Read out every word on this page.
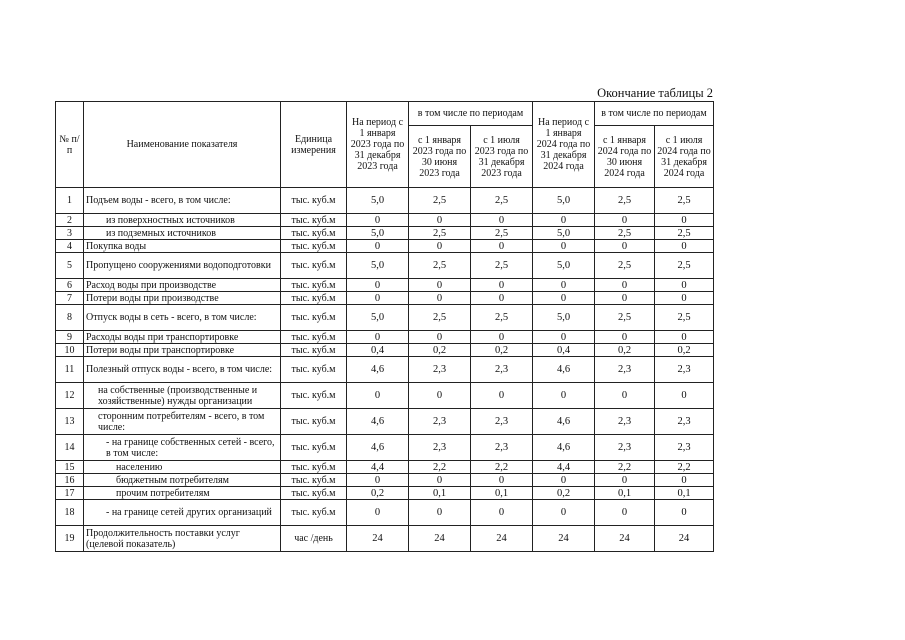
Окончание таблицы 2
№ п/п	Наименование показателя	Единица измерения	На период с 1 января 2023 года по 31 декабря 2023 года	в том числе по периодам		На период с 1 января 2024 года по 31 декабря 2024 года	в том числе по периодам	
				с 1 января 2023 года по 30 июня 2023 года	с 1 июля 2023 года по 31 декабря 2023 года		с 1 января 2024 года по 30 июня 2024 года	с 1 июля 2024 года по 31 декабря 2024 года
1	Подъем воды - всего, в том числе:	тыс. куб.м	5,0	2,5	2,5	5,0	2,5	2,5
2	из поверхностных источников	тыс. куб.м	0	0	0	0	0	0
3	из подземных источников	тыс. куб.м	5,0	2,5	2,5	5,0	2,5	2,5
4	Покупка воды	тыс. куб.м	0	0	0	0	0	0
5	Пропущено сооружениями водоподготовки	тыс. куб.м	5,0	2,5	2,5	5,0	2,5	2,5
6	Расход воды при производстве	тыс. куб.м	0	0	0	0	0	0
7	Потери воды при производстве	тыс. куб.м	0	0	0	0	0	0
8	Отпуск воды в сеть - всего, в том числе:	тыс. куб.м	5,0	2,5	2,5	5,0	2,5	2,5
9	Расходы воды при транспортировке	тыс. куб.м	0	0	0	0	0	0
10	Потери воды при транспортировке	тыс. куб.м	0,4	0,2	0,2	0,4	0,2	0,2
11	Полезный отпуск воды - всего, в том числе:	тыс. куб.м	4,6	2,3	2,3	4,6	2,3	2,3
12	на собственные (производственные и хозяйственные) нужды организации	тыс. куб.м	0	0	0	0	0	0
13	сторонним потребителям - всего, в том числе:	тыс. куб.м	4,6	2,3	2,3	4,6	2,3	2,3
14	- на границе собственных сетей - всего, в том числе:	тыс. куб.м	4,6	2,3	2,3	4,6	2,3	2,3
15	населению	тыс. куб.м	4,4	2,2	2,2	4,4	2,2	2,2
16	бюджетным потребителям	тыс. куб.м	0	0	0	0	0	0
17	прочим потребителям	тыс. куб.м	0,2	0,1	0,1	0,2	0,1	0,1
18	- на границе сетей других организаций	тыс. куб.м	0	0	0	0	0	0
19	Продолжительность поставки услуг (целевой показатель)	час /день	24	24	24	24	24	24
